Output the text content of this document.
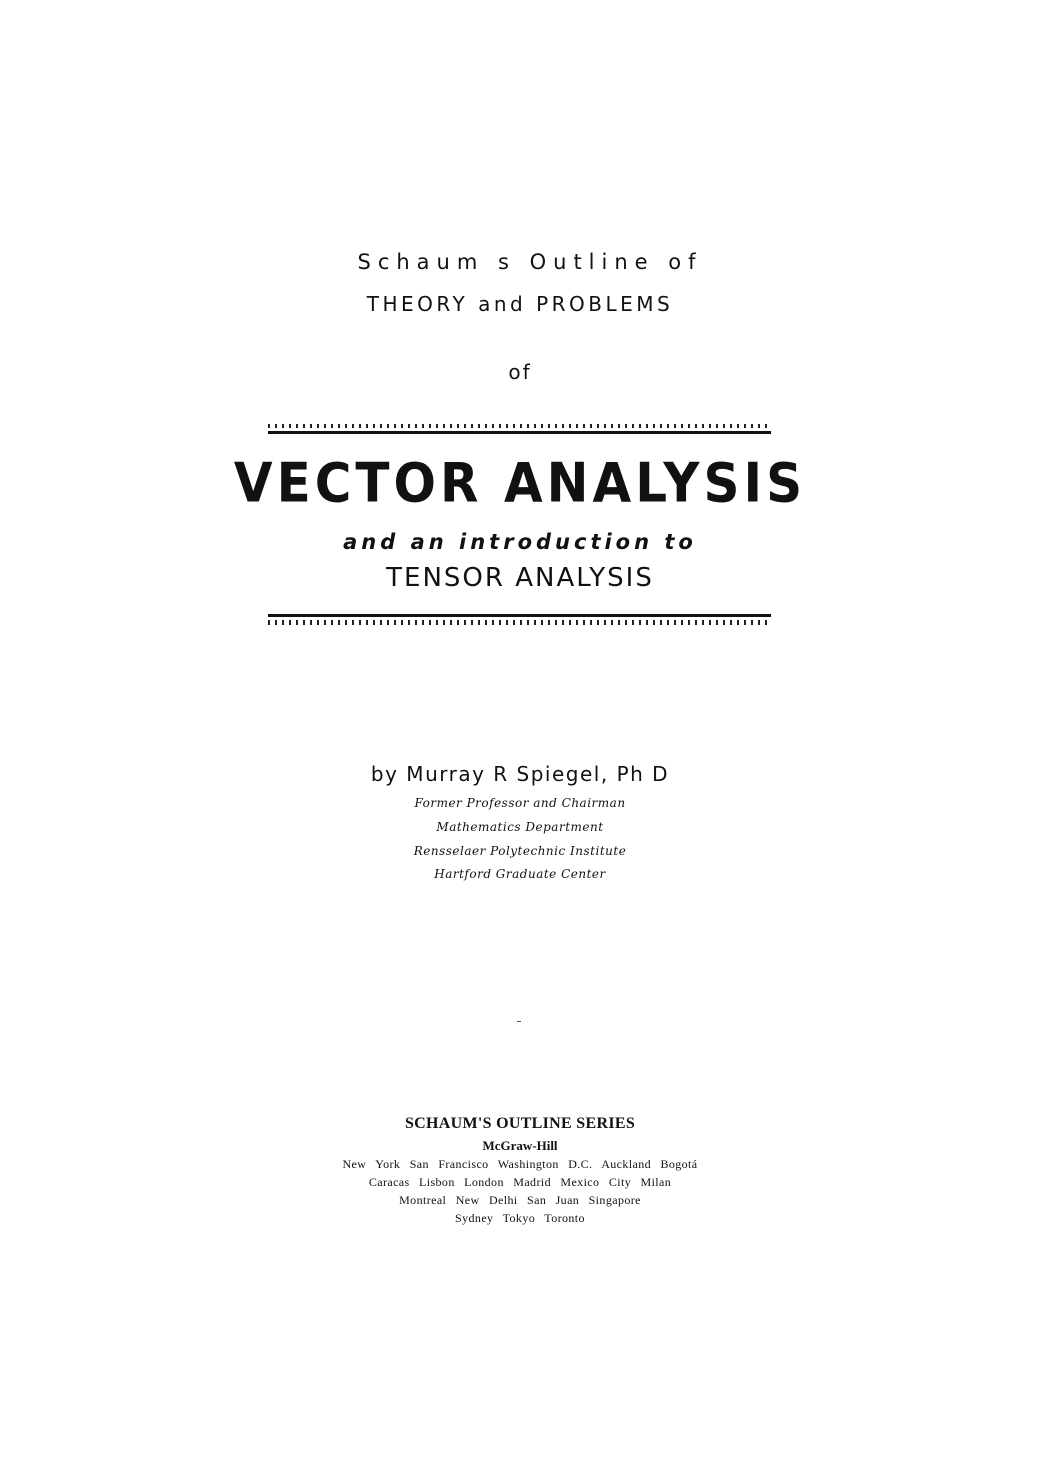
Schaum s Outline of
THEORY and PROBLEMS
of
VECTOR ANALYSIS
and an introduction to
TENSOR ANALYSIS
by Murray R Spiegel, Ph D
Former Professor and Chairman
Mathematics Department
Rensselaer Polytechnic Institute
Hartford Graduate Center
SCHAUM'S OUTLINE SERIES
McGraw-Hill
New York San Francisco Washington D.C. Auckland Bogotá
Caracas Lisbon London Madrid Mexico City Milan
Montreal New Delhi San Juan Singapore
Sydney Tokyo Toronto
